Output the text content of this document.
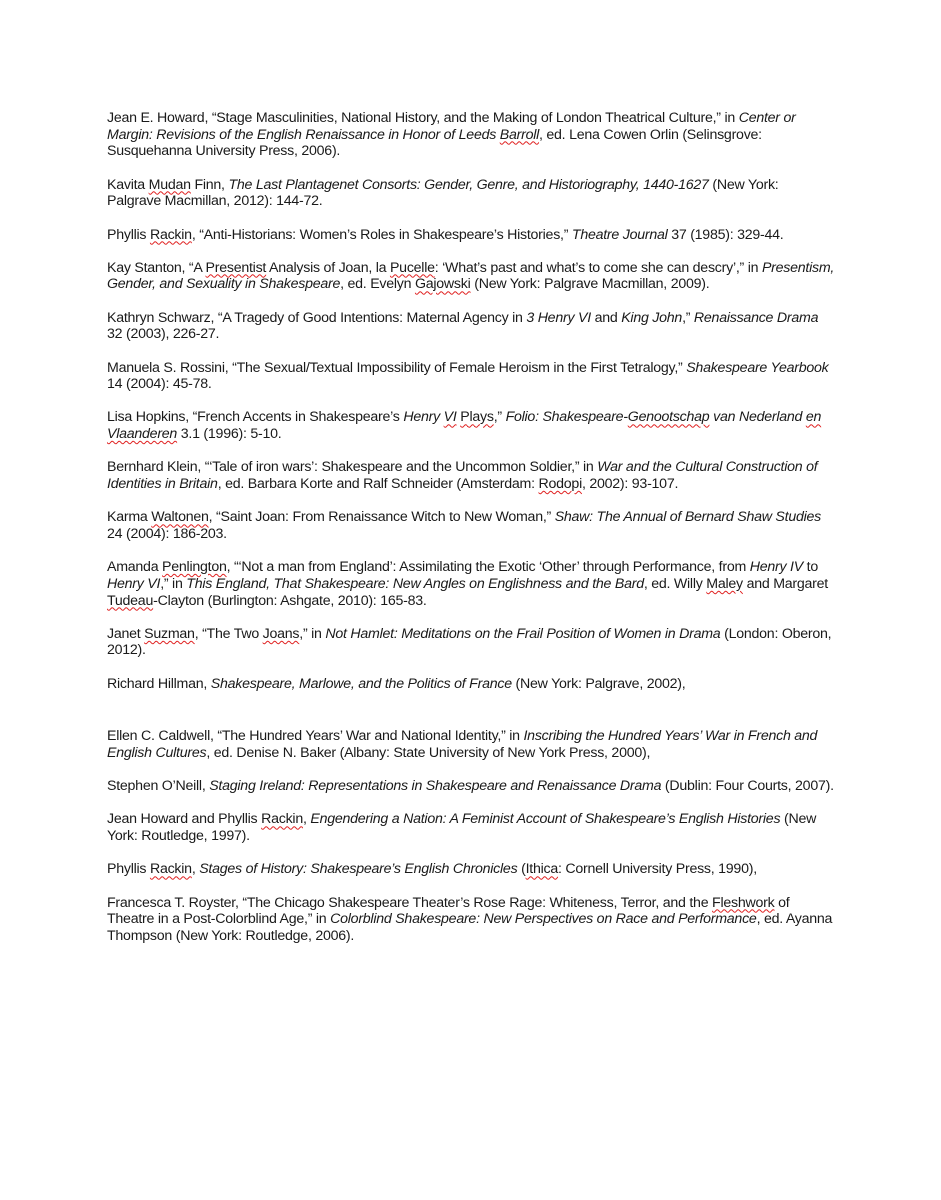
Jean E. Howard, “Stage Masculinities, National History, and the Making of London Theatrical Culture,” in Center or Margin: Revisions of the English Renaissance in Honor of Leeds Barroll, ed. Lena Cowen Orlin (Selinsgrove: Susquehanna University Press, 2006).

Kavita Mudan Finn, The Last Plantagenet Consorts: Gender, Genre, and Historiography, 1440-1627 (New York: Palgrave Macmillan, 2012): 144-72.

Phyllis Rackin, “Anti-Historians: Women’s Roles in Shakespeare’s Histories,” Theatre Journal 37 (1985): 329-44.

Kay Stanton, “A Presentist Analysis of Joan, la Pucelle: ‘What’s past and what’s to come she can descry’,” in Presentism, Gender, and Sexuality in Shakespeare, ed. Evelyn Gajowski (New York: Palgrave Macmillan, 2009).

Kathryn Schwarz, “A Tragedy of Good Intentions: Maternal Agency in 3 Henry VI and King John,” Renaissance Drama 32 (2003), 226-27.

Manuela S. Rossini, “The Sexual/Textual Impossibility of Female Heroism in the First Tetralogy,” Shakespeare Yearbook 14 (2004): 45-78.

Lisa Hopkins, “French Accents in Shakespeare’s Henry VI Plays,” Folio: Shakespeare-Genootschap van Nederland en Vlaanderen 3.1 (1996): 5-10.

Bernhard Klein, “‘Tale of iron wars’: Shakespeare and the Uncommon Soldier,” in War and the Cultural Construction of Identities in Britain, ed. Barbara Korte and Ralf Schneider (Amsterdam: Rodopi, 2002): 93-107.

Karma Waltonen, “Saint Joan: From Renaissance Witch to New Woman,” Shaw: The Annual of Bernard Shaw Studies 24 (2004): 186-203.

Amanda Penlington, “‘Not a man from England’: Assimilating the Exotic ‘Other’ through Performance, from Henry IV to Henry VI,” in This England, That Shakespeare: New Angles on Englishness and the Bard, ed. Willy Maley and Margaret Tudeau-Clayton (Burlington: Ashgate, 2010): 165-83.

Janet Suzman, “The Two Joans,” in Not Hamlet: Meditations on the Frail Position of Women in Drama (London: Oberon, 2012).

Richard Hillman, Shakespeare, Marlowe, and the Politics of France (New York: Palgrave, 2002),

Ellen C. Caldwell, “The Hundred Years’ War and National Identity,” in Inscribing the Hundred Years’ War in French and English Cultures, ed. Denise N. Baker (Albany: State University of New York Press, 2000),

Stephen O’Neill, Staging Ireland: Representations in Shakespeare and Renaissance Drama (Dublin: Four Courts, 2007).

Jean Howard and Phyllis Rackin, Engendering a Nation: A Feminist Account of Shakespeare’s English Histories (New York: Routledge, 1997).

Phyllis Rackin, Stages of History: Shakespeare’s English Chronicles (Ithica: Cornell University Press, 1990),

Francesca T. Royster, “The Chicago Shakespeare Theater’s Rose Rage: Whiteness, Terror, and the Fleshwork of Theatre in a Post-Colorblind Age,” in Colorblind Shakespeare: New Perspectives on Race and Performance, ed. Ayanna Thompson (New York: Routledge, 2006).
